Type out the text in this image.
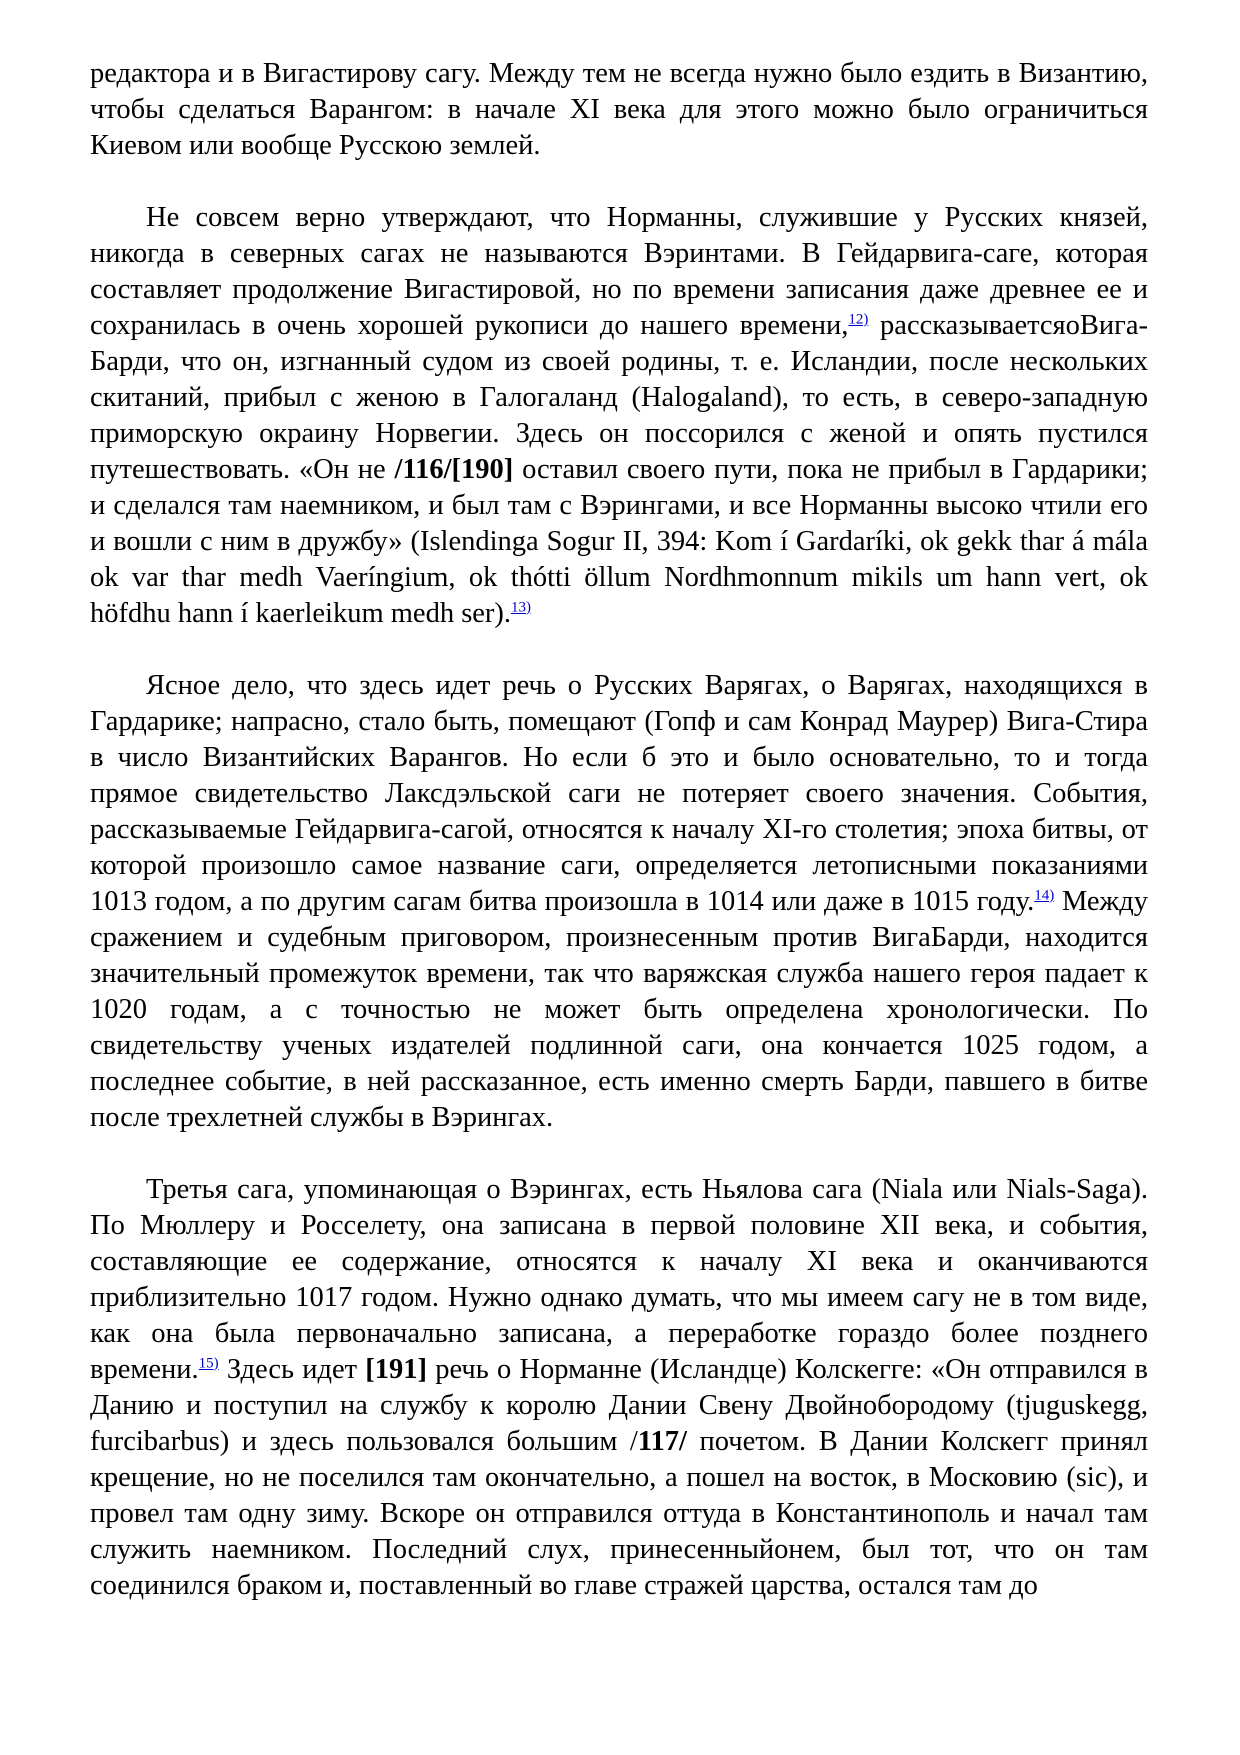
редактора и в Вигастирову сагу. Между тем не всегда нужно было ездить в Византию, чтобы сделаться Варангом: в начале XI века для этого можно было ограничиться Киевом или вообще Русскою землей.

Не совсем верно утверждают, что Норманны, служившие у Русских князей, никогда в северных сагах не называются Вэринтами. В Гейдарвига-саге, которая составляет продолжение Вигастировой, но по времени записания даже древнее ее и сохранилась в очень хорошей рукописи до нашего времени,$^{12)}$ рассказываетсяоВига-Барди, что он, изгнанный судом из своей родины, т. е. Исландии, после нескольких скитаний, прибыл с женою в Галогаланд (Halogaland), то есть, в северо-западную приморскую окраину Норвегии. Здесь он поссорился с женой и опять пустился путешествовать. «Он не /116/[190] оставил своего пути, пока не прибыл в Гардарики; и сделался там наемником, и был там с Вэрингами, и все Норманны высоко чтили его и вошли с ним в дружбу» (Islendinga Sogur II, 394: Kom í Gardaríki, ok gekk thar á mála ok var thar medh Vaeríngium, ok thótti öllum Nordhmonnum mikils um hann vert, ok höfdhu hann í kaerleikum medh ser).$^{13)}$

Ясное дело, что здесь идет речь о Русских Варягах, о Варягах, находящихся в Гардарике; напрасно, стало быть, помещают (Гопф и сам Конрад Маурер) Вига-Стира в число Византийских Варангов. Но если б это и было основательно, то и тогда прямое свидетельство Лаксдэльской саги не потеряет своего значения. События, рассказываемые Гейдарвига-сагой, относятся к началу XI-го столетия; эпоха битвы, от которой произошло самое название саги, определяется летописными показаниями 1013 годом, а по другим сагам битва произошла в 1014 или даже в 1015 году.$^{14)}$ Между сражением и судебным приговором, произнесенным против ВигаБарди, находится значительный промежуток времени, так что варяжская служба нашего героя падает к 1020 годам, а с точностью не может быть определена хронологически. По свидетельству ученых издателей подлинной саги, она кончается 1025 годом, а последнее событие, в ней рассказанное, есть именно смерть Барди, павшего в битве после трехлетней службы в Вэрингах.

Третья сага, упоминающая о Вэрингах, есть Ньялова сага (Niala или Nials-Saga). По Мюллеру и Росселету, она записана в первой половине XII века, и события, составляющие ее содержание, относятся к началу XI века и оканчиваются приблизительно 1017 годом. Нужно однако думать, что мы имеем сагу не в том виде, как она была первоначально записана, а переработке гораздо более позднего времени.$^{15)}$ Здесь идет [191] речь о Норманне (Исландце) Колскегге: «Он отправился в Данию и поступил на службу к королю Дании Свену Двойнобородому (tjuguskegg, furcibarbus) и здесь пользовался большим /117/ почетом. В Дании Колскегг принял крещение, но не поселился там окончательно, а пошел на восток, в Московию (sic), и провел там одну зиму. Вскоре он отправился оттуда в Константинополь и начал там служить наемником. Последний слух, принесенныйонем, был тот, что он там соединился браком и, поставленный во главе стражей царства, остался там до
